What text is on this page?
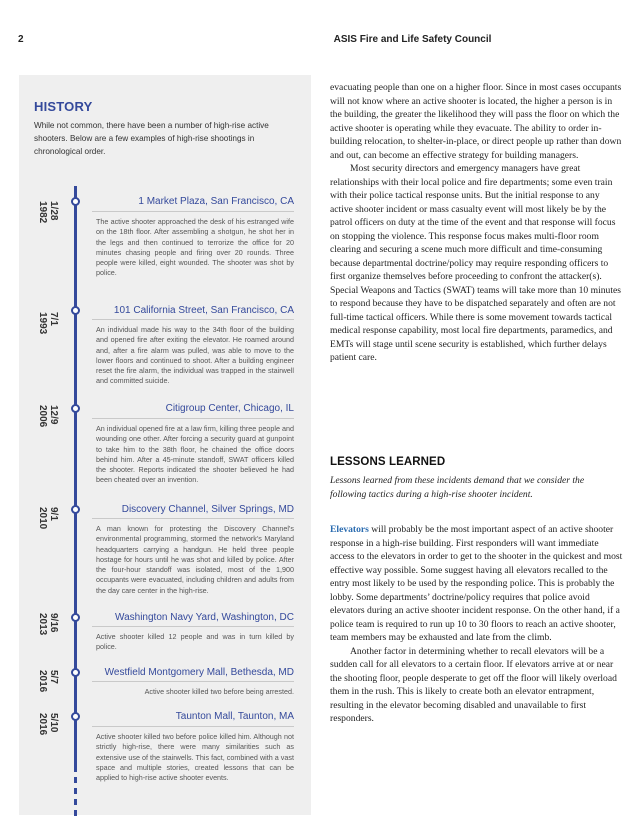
2	ASIS Fire and Life Safety Council
HISTORY
While not common, there have been a number of high-rise active shooters. Below are a few examples of high-rise shootings in chronological order.
1/28
1982	1 Market Plaza, San Francisco, CA
The active shooter approached the desk of his estranged wife on the 18th floor. After assembling a shotgun, he shot her in the legs and then continued to terrorize the office for 20 minutes chasing people and firing over 20 rounds. Three people were killed, eight wounded. The shooter was shot by police.
7/1
1993
101 California Street, San Francisco, CA
An individual made his way to the 34th floor of the building and opened fire after exiting the elevator. He roamed around and, after a fire alarm was pulled, was able to move to the lower floors and continued to shoot. After a building engineer reset the fire alarm, the individual was trapped in the stairwell and committed suicide.
12/9
2006	Citigroup Center, Chicago, IL
An individual opened fire at a law firm, killing three people and wounding one other. After forcing a security guard at gunpoint to take him to the 38th floor, he chained the office doors behind him. After a 45-minute standoff, SWAT officers killed the shooter. Reports indicated the shooter believed he had been cheated over an invention.
9/1
2010	Discovery Channel, Silver Springs, MD
A man known for protesting the Discovery Channel’s environmental programming, stormed the network’s Maryland headquarters carrying a handgun. He held three people hostage for hours until he was shot and killed by police. After the four-hour standoff was isolated, most of the 1,900 occupants were evacuated, including children and adults from the day care center in the high-rise.
9/16
2013	Washington Navy Yard, Washington, DC
Active shooter killed 12 people and was in turn killed by police.
5/7
2016	Westfield Montgomery Mall, Bethesda, MD
Active shooter killed two before being arrested.
5/10
2016	Taunton Mall, Taunton, MA
Active shooter killed two before police killed him. Although not strictly high-rise, there were many similarities such as extensive use of the stairwells. This fact, combined with a vast space and multiple stories, created lessons that can be applied to high-rise active shooter events.

evacuating people than one on a higher floor. Since in most cases occupants will not know where an active shooter is located, the higher a person is in the building, the greater the likelihood they will pass the floor on which the active shooter is operating while they evacuate. The ability to order in-building relocation, to shelter-in-place, or direct people up rather than down and out, can become an effective strategy for building managers.

Most security directors and emergency managers have great relationships with their local police and fire departments; some even train with their police tactical response units. But the initial response to any active shooter incident or mass casualty event will most likely be by the patrol officers on duty at the time of the event and that response will focus on stopping the violence. This response focus makes multi-floor room clearing and securing a scene much more difficult and time-consuming because departmental doctrine/policy may require responding officers to first organize themselves before proceeding to confront the attacker(s). Special Weapons and Tactics (SWAT) teams will take more than 10 minutes to respond because they have to be dispatched separately and often are not full-time tactical officers. While there is some movement towards tactical medical response capability, most local fire departments, paramedics, and EMTs will stage until scene security is established, which further delays patient care.

LESSONS LEARNED
Lessons learned from these incidents demand that we consider the following tactics during a high-rise shooter incident.

Elevators will probably be the most important aspect of an active shooter response in a high-rise building. First responders will want immediate access to the elevators in order to get to the shooter in the quickest and most effective way possible. Some suggest having all elevators recalled to the entry most likely to be used by the responding police. This is probably the lobby. Some departments’ doctrine/policy requires that police avoid elevators during an active shooter incident response. On the other hand, if a police team is required to run up 10 to 30 floors to reach an active shooter, team members may be exhausted and late from the climb.

Another factor in determining whether to recall elevators will be a sudden call for all elevators to a certain floor. If elevators arrive at or near the shooting floor, people desperate to get off the floor will likely overload them in the rush. This is likely to create both an elevator entrapment, resulting in the elevator becoming disabled and unavailable to first responders.
